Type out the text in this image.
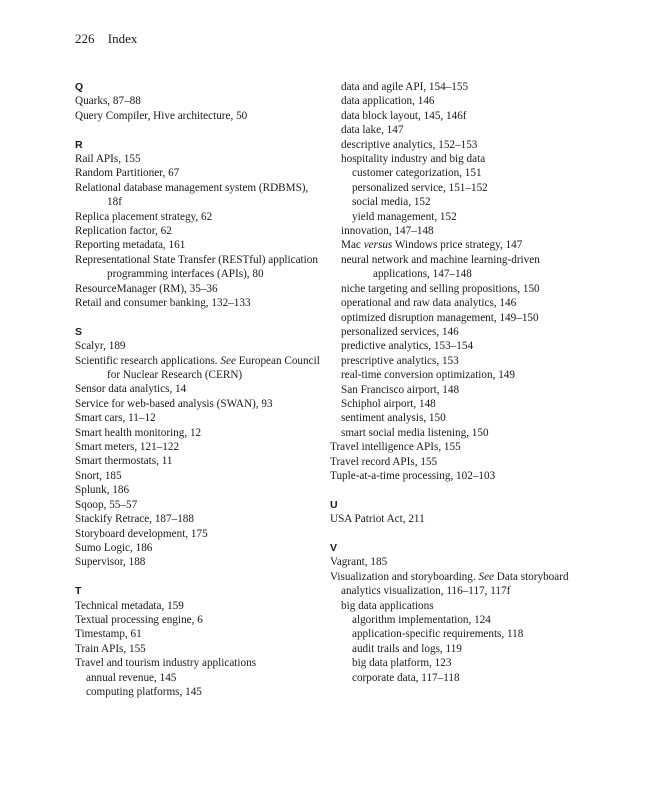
226 Index
Q
Quarks, 87–88
Query Compiler, Hive architecture, 50
R
Rail APIs, 155
Random Partitioner, 67
Relational database management system (RDBMS), 18f
Replica placement strategy, 62
Replication factor, 62
Reporting metadata, 161
Representational State Transfer (RESTful) application programming interfaces (APIs), 80
ResourceManager (RM), 35–36
Retail and consumer banking, 132–133
S
Scalyr, 189
Scientific research applications. See European Council for Nuclear Research (CERN)
Sensor data analytics, 14
Service for web-based analysis (SWAN), 93
Smart cars, 11–12
Smart health monitoring, 12
Smart meters, 121–122
Smart thermostats, 11
Snort, 185
Splunk, 186
Sqoop, 55–57
Stackify Retrace, 187–188
Storyboard development, 175
Sumo Logic, 186
Supervisor, 188
T
Technical metadata, 159
Textual processing engine, 6
Timestamp, 61
Train APIs, 155
Travel and tourism industry applications
annual revenue, 145
computing platforms, 145
data and agile API, 154–155
data application, 146
data block layout, 145, 146f
data lake, 147
descriptive analytics, 152–153
hospitality industry and big data
customer categorization, 151
personalized service, 151–152
social media, 152
yield management, 152
innovation, 147–148
Mac versus Windows price strategy, 147
neural network and machine learning-driven applications, 147–148
niche targeting and selling propositions, 150
operational and raw data analytics, 146
optimized disruption management, 149–150
personalized services, 146
predictive analytics, 153–154
prescriptive analytics, 153
real-time conversion optimization, 149
San Francisco airport, 148
Schiphol airport, 148
sentiment analysis, 150
smart social media listening, 150
Travel intelligence APIs, 155
Travel record APIs, 155
Tuple-at-a-time processing, 102–103
U
USA Patriot Act, 211
V
Vagrant, 185
Visualization and storyboarding. See Data storyboard
analytics visualization, 116–117, 117f
big data applications
algorithm implementation, 124
application-specific requirements, 118
audit trails and logs, 119
big data platform, 123
corporate data, 117–118
